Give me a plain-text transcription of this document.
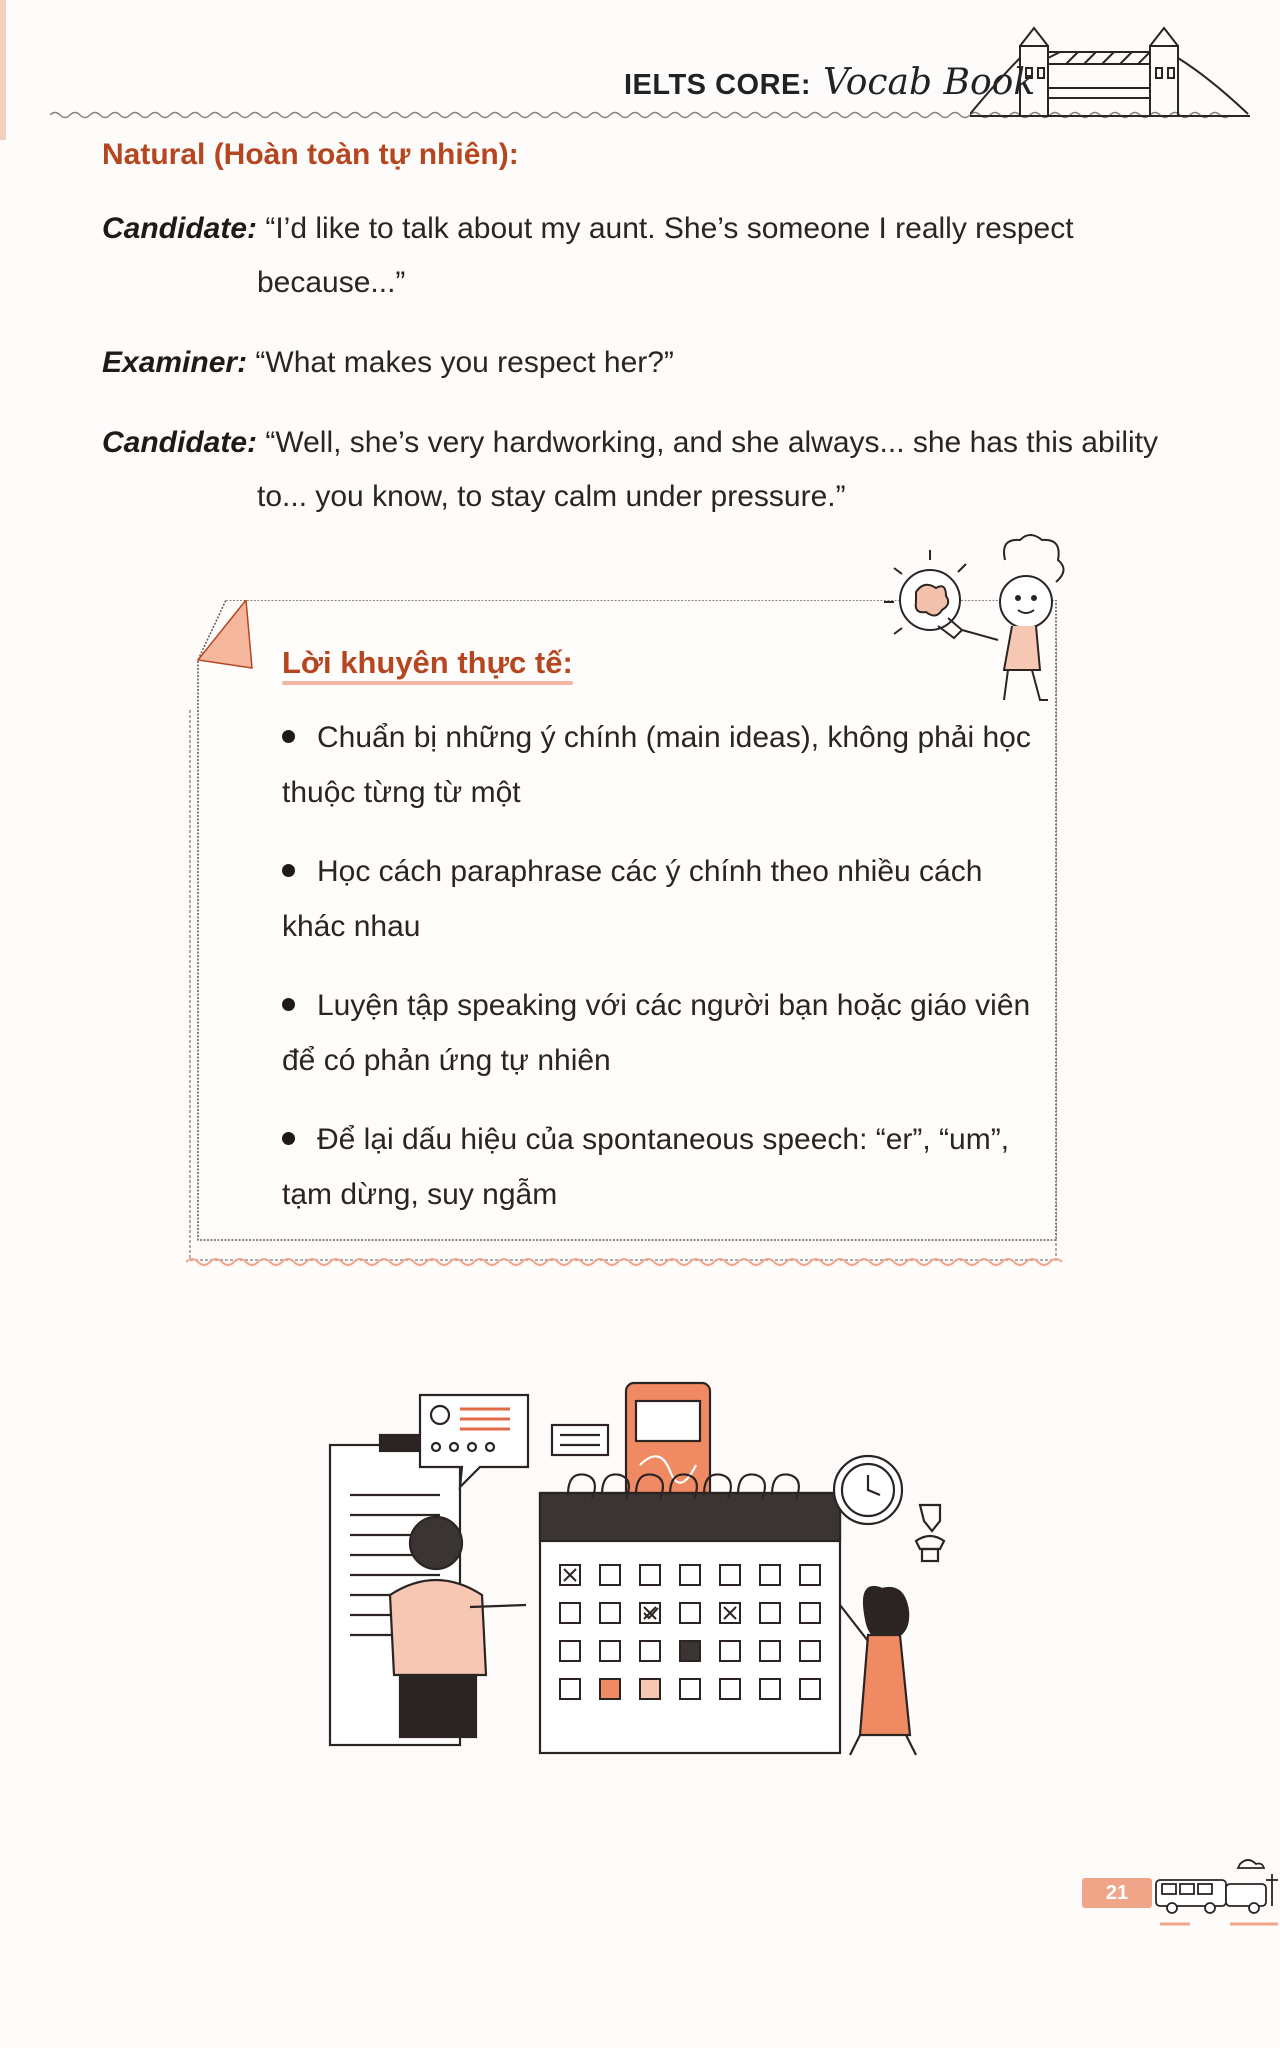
IELTS CORE: Vocab Book
Natural (Hoàn toàn tự nhiên):
Candidate: “I’d like to talk about my aunt. She’s someone I really respect
because...”
Examiner: “What makes you respect her?”
Candidate: “Well, she’s very hardworking, and she always... she has this ability
to... you know, to stay calm under pressure.”
Lời khuyên thực tế:
Chuẩn bị những ý chính (main ideas), không phải học
thuộc từng từ một
Học cách paraphrase các ý chính theo nhiều cách
khác nhau
Luyện tập speaking với các người bạn hoặc giáo viên
để có phản ứng tự nhiên
Để lại dấu hiệu của spontaneous speech: “er”, “um”,
tạm dừng, suy ngẫm
21
